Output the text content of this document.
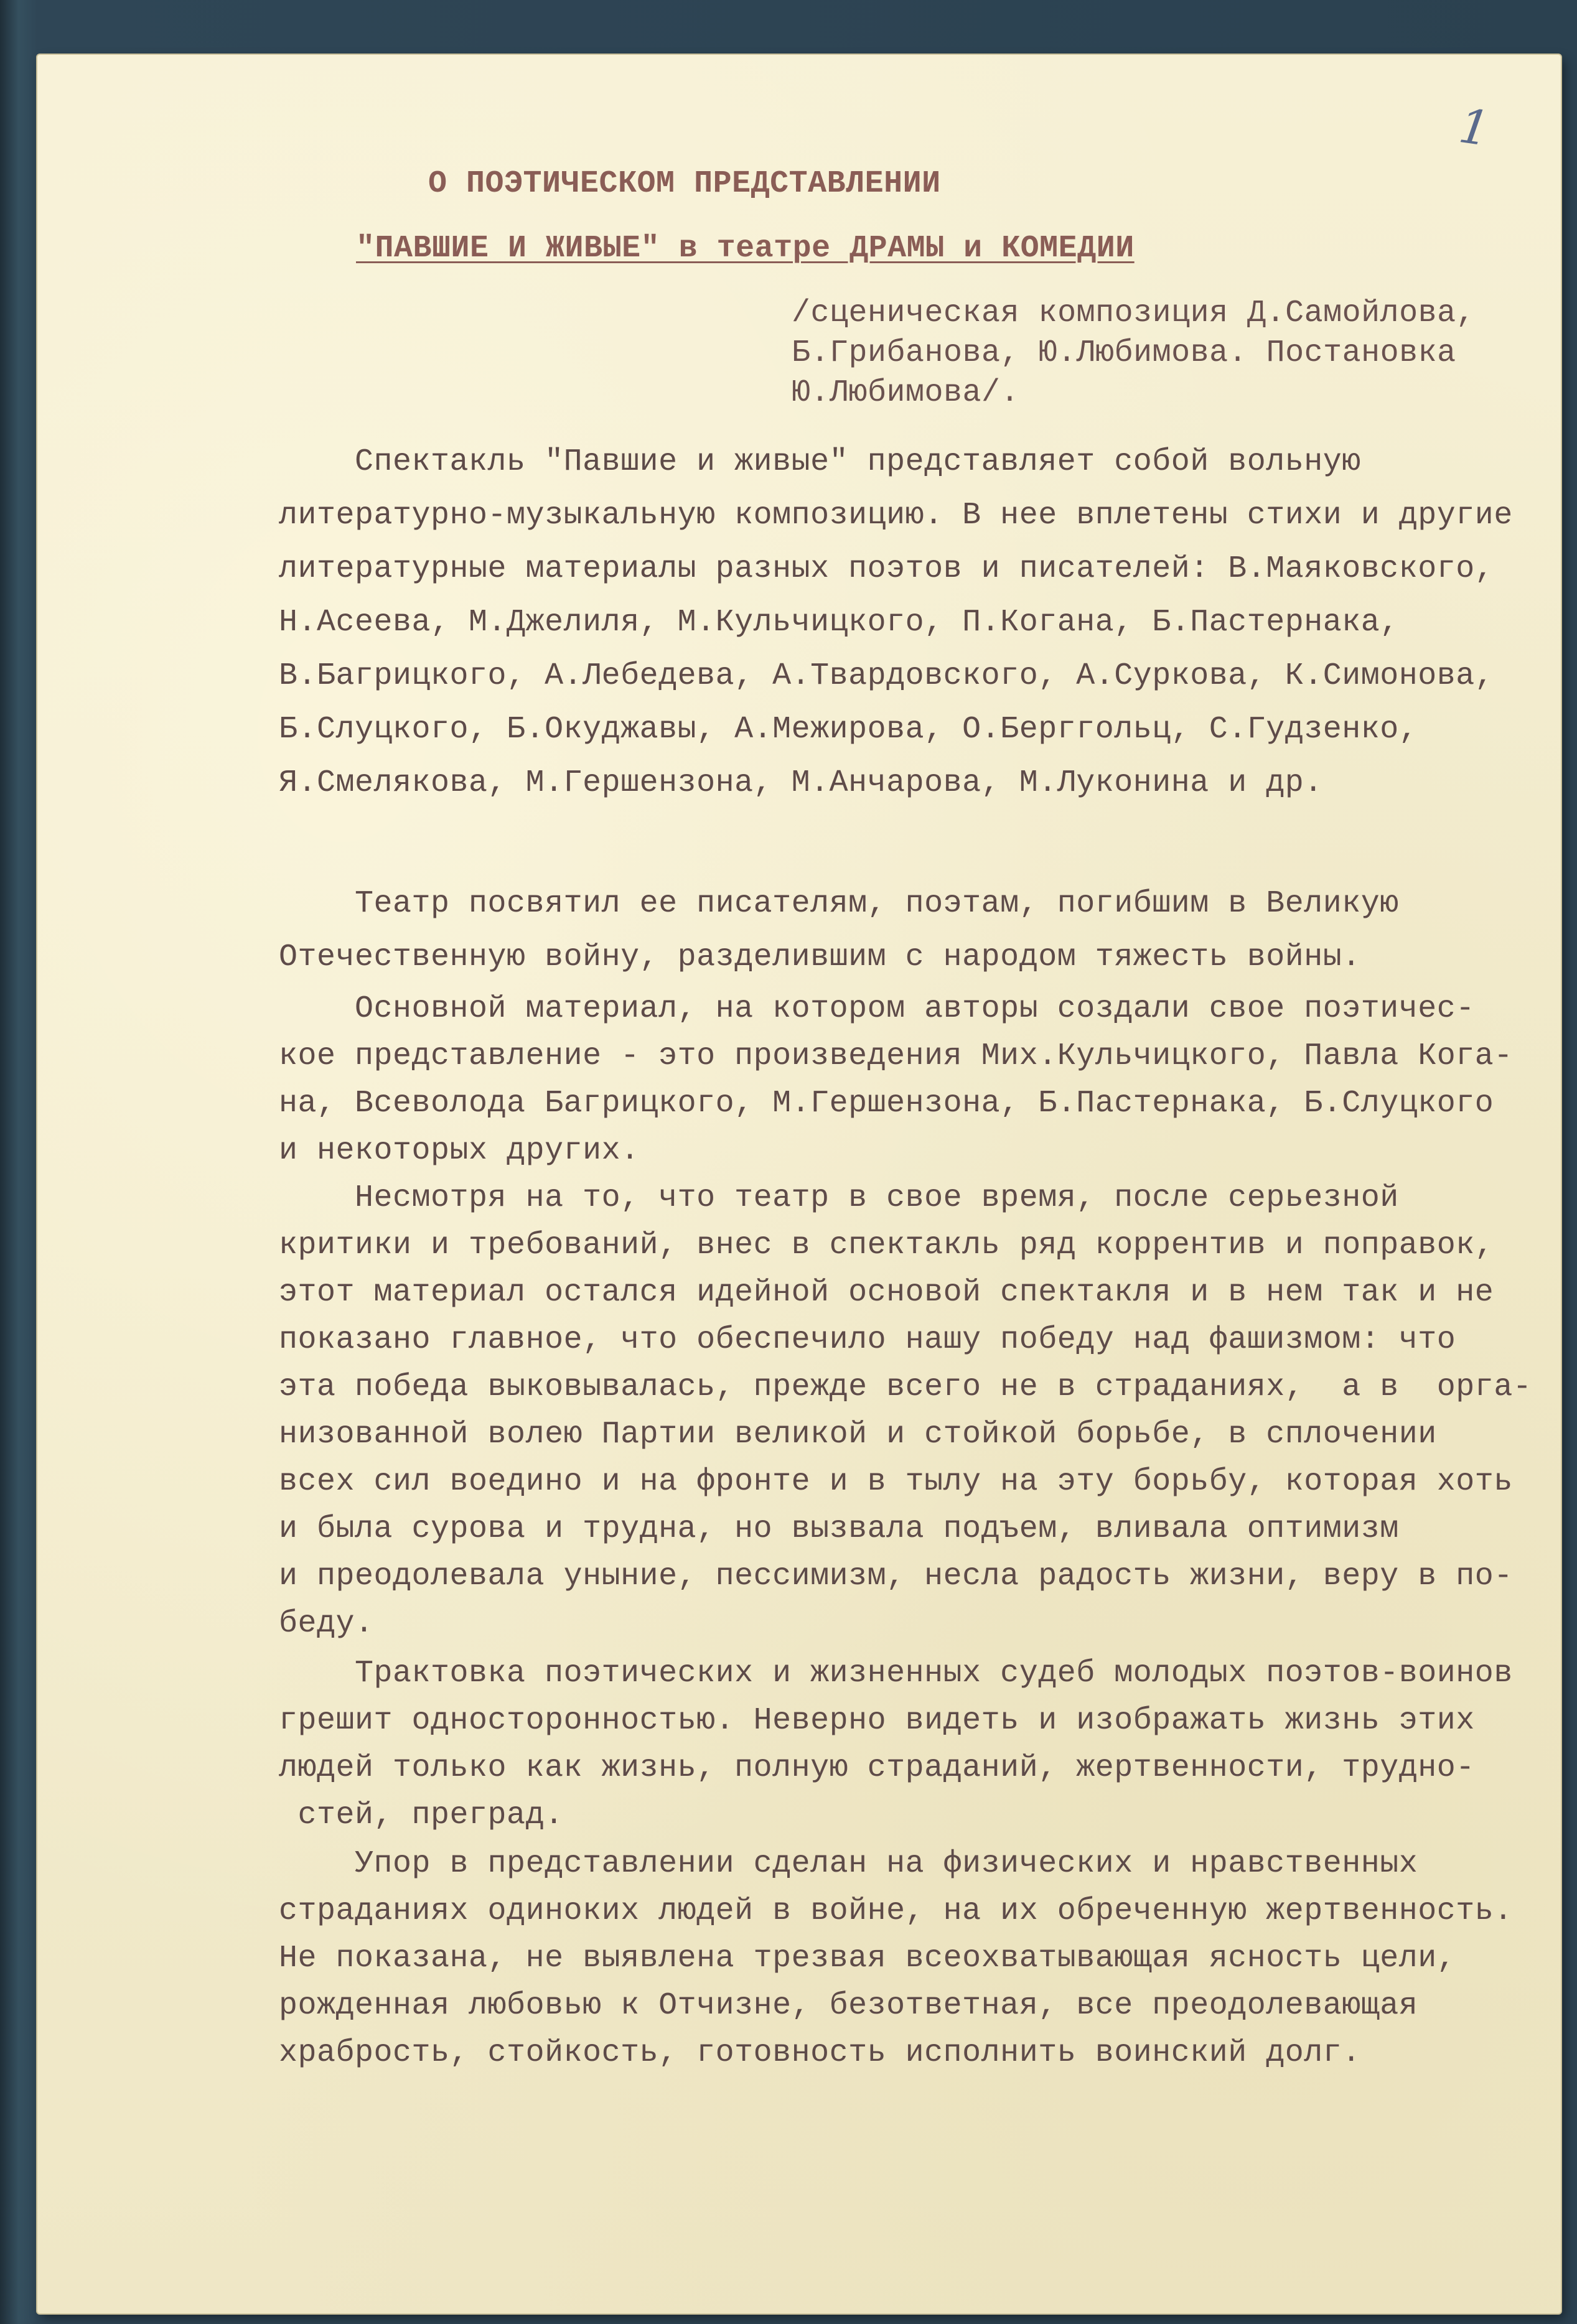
1
О ПОЭТИЧЕСКОМ ПРЕДСТАВЛЕНИИ
"ПАВШИЕ И ЖИВЫЕ" в театре ДРАМЫ и КОМЕДИИ
/сценическая композиция Д.Самойлова,
Б.Грибанова, Ю.Любимова. Постановка
Ю.Любимова/.
Спектакль "Павшие и живые" представляет собой вольную
литературно-музыкальную композицию. В нее вплетены стихи и другие
литературные материалы разных поэтов и писателей: В.Маяковского,
Н.Асеева, М.Джелиля, М.Кульчицкого, П.Когана, Б.Пастернака,
В.Багрицкого, А.Лебедева, А.Твардовского, А.Суркова, К.Симонова,
Б.Слуцкого, Б.Окуджавы, А.Межирова, О.Берггольц, С.Гудзенко,
Я.Смелякова, М.Гершензона, М.Анчарова, М.Луконина и др.
Театр посвятил ее писателям, поэтам, погибшим в Великую
Отечественную войну, разделившим с народом тяжесть войны.
Основной материал, на котором авторы создали свое поэтичес-
кое представление - это произведения Мих.Кульчицкого, Павла Кога-
на, Всеволода Багрицкого, М.Гершензона, Б.Пастернака, Б.Слуцкого
и некоторых других.
Несмотря на то, что театр в свое время, после серьезной
критики и требований, внес в спектакль ряд коррентив и поправок,
этот материал остался идейной основой спектакля и в нем так и не
показано главное, что обеспечило нашу победу над фашизмом: что
эта победа выковывалась, прежде всего не в страданиях,  а в  орга-
низованной волею Партии великой и стойкой борьбе, в сплочении
всех сил воедино и на фронте и в тылу на эту борьбу, которая хоть
и была сурова и трудна, но вызвала подъем, вливала оптимизм
и преодолевала уныние, пессимизм, несла радость жизни, веру в по-
беду.
Трактовка поэтических и жизненных судеб молодых поэтов-воинов
грешит односторонностью. Неверно видеть и изображать жизнь этих
людей только как жизнь, полную страданий, жертвенности, трудно-
стей, преград.
Упор в представлении сделан на физических и нравственных
страданиях одиноких людей в войне, на их обреченную жертвенность.
Не показана, не выявлена трезвая всеохватывающая ясность цели,
рожденная любовью к Отчизне, безответная, все преодолевающая
храбрость, стойкость, готовность исполнить воинский долг.
